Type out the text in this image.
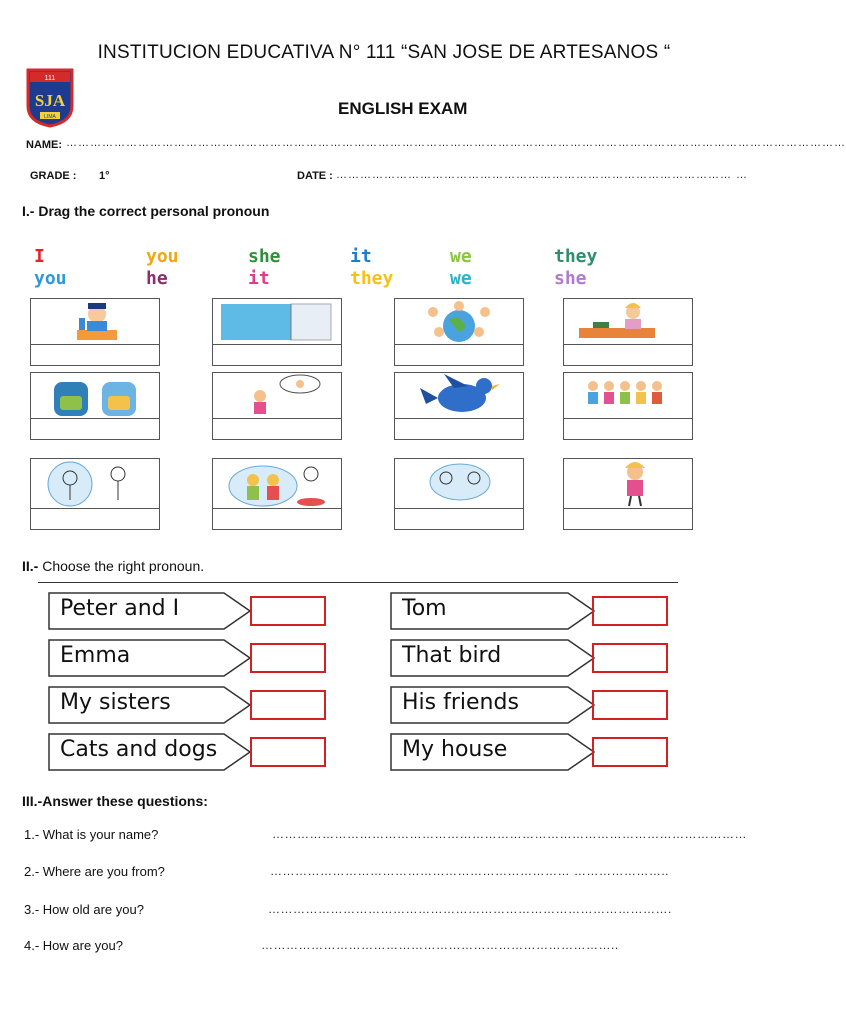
INSTITUCION EDUCATIVA N° 111 “SAN JOSE DE ARTESANOS “
111
SJA
LIMA	ENGLISH EXAM
NAME: ……………………………………………………………………………………………………………………………………………………………………………
GRADE : 1°	DATE : ……………………………………………………………………………………… …
I.- Drag the correct personal pronoun
I	you	she	it	we	they
you	he	it	they	we	she
II.- Choose the right pronoun.
Peter and I	Tom
Emma	That bird
My sisters	His friends
Cats and dogs	My house
III.-Answer these questions:
1.- What is your name?	……………………………………………………………………………………………………
2.- Where are you from?	……………………………………………………………… …………………..
3.- How old are you?	…………………………………………………………………………………….
4.- How are you?	…………………………………………………………………………..
